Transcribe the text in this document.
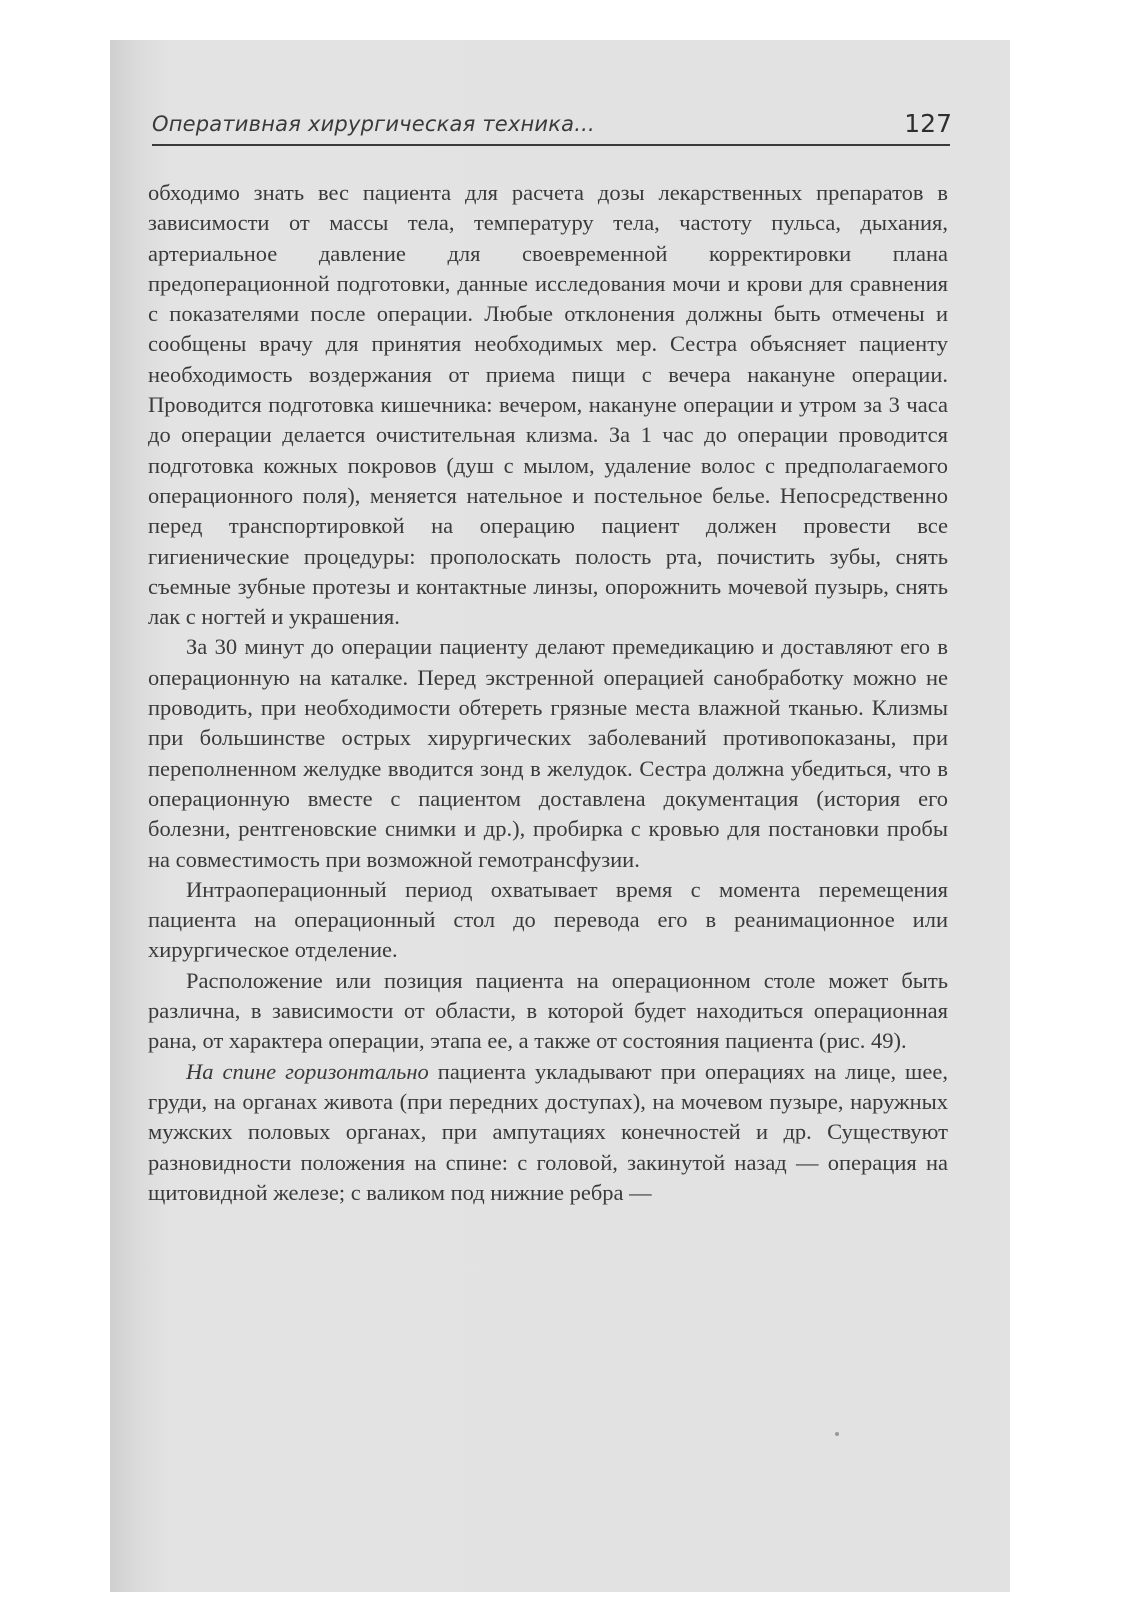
Оперативная хирургическая техника...	127

обходимо знать вес пациента для расчета дозы лекарственных препаратов в зависимости от массы тела, температуру тела, частоту пульса, дыхания, артериальное давление для своевременной корректировки плана предоперационной подготовки, данные исследования мочи и крови для сравнения с показателями после операции. Любые отклонения должны быть отмечены и сообщены врачу для принятия необходимых мер. Сестра объясняет пациенту необходимость воздержания от приема пищи с вечера накануне операции. Проводится подготовка кишечника: вечером, накануне операции и утром за 3 часа до операции делается очистительная клизма. За 1 час до операции проводится подготовка кожных покровов (душ с мылом, удаление волос с предполагаемого операционного поля), меняется нательное и постельное белье. Непосредственно перед транспортировкой на операцию пациент должен провести все гигиенические процедуры: прополоскать полость рта, почистить зубы, снять съемные зубные протезы и контактные линзы, опорожнить мочевой пузырь, снять лак с ногтей и украшения.

За 30 минут до операции пациенту делают премедикацию и доставляют его в операционную на каталке. Перед экстренной операцией санобработку можно не проводить, при необходимости обтереть грязные места влажной тканью. Клизмы при большинстве острых хирургических заболеваний противопоказаны, при переполненном желудке вводится зонд в желудок. Сестра должна убедиться, что в операционную вместе с пациентом доставлена документация (история его болезни, рентгеновские снимки и др.), пробирка с кровью для постановки пробы на совместимость при возможной гемотрансфузии.

Интраоперационный период охватывает время с момента перемещения пациента на операционный стол до перевода его в реанимационное или хирургическое отделение.

Расположение или позиция пациента на операционном столе может быть различна, в зависимости от области, в которой будет находиться операционная рана, от характера операции, этапа ее, а также от состояния пациента (рис. 49).

На спине горизонтально пациента укладывают при операциях на лице, шее, груди, на органах живота (при передних доступах), на мочевом пузыре, наружных мужских половых органах, при ампутациях конечностей и др. Существуют разновидности положения на спине: с головой, закинутой назад — операция на щитовидной железе; с валиком под нижние ребра —
